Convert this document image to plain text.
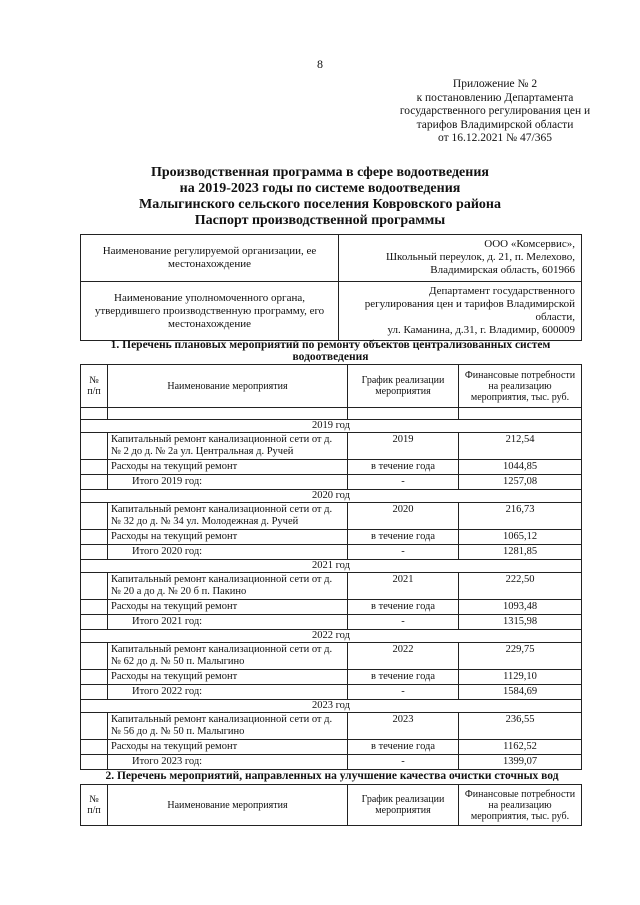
8
Приложение № 2
к постановлению Департамента
государственного регулирования цен и
тарифов Владимирской области
от 16.12.2021 № 47/365
Производственная программа в сфере водоотведения
на 2019-2023 годы по системе водоотведения
Малыгинского сельского поселения Ковровского района
Паспорт производственной программы
Наименование регулируемой организации, ее местонахождение	ООО «Комсервис»,
Школьный переулок, д. 21, п. Мелехово,
Владимирская область, 601966

Наименование уполномоченного органа, утвердившего производственную программу, его местонахождение	Департамент государственного
регулирования цен и тарифов Владимирской
области,
ул. Каманина, д.31, г. Владимир, 600009
1. Перечень плановых мероприятий по ремонту объектов централизованных систем водоотведения
№ п/п	Наименование мероприятия	График реализации мероприятия	Финансовые потребности на реализацию мероприятия, тыс. руб.

2019 год			
	Капитальный ремонт канализационной сети от д. № 2 до д. № 2а ул. Центральная д. Ручей	2019	212,54
	Расходы на текущий ремонт	в течение года	1044,85
	Итого 2019 год:	-	1257,08
2020 год			
	Капитальный ремонт канализационной сети от д. № 32 до д. № 34 ул. Молодежная д. Ручей	2020	216,73
	Расходы на текущий ремонт	в течение года	1065,12
	Итого 2020 год:	-	1281,85
2021 год			
	Капитальный ремонт канализационной сети от д. № 20 а до д. № 20 б п. Пакино	2021	222,50
	Расходы на текущий ремонт	в течение года	1093,48
	Итого 2021 год:	-	1315,98
2022 год			
	Капитальный ремонт канализационной сети от д. № 62 до д. № 50 п. Малыгино	2022	229,75
	Расходы на текущий ремонт	в течение года	1129,10
	Итого 2022 год:	-	1584,69
2023 год			
	Капитальный ремонт канализационной сети от д. № 56 до д. № 50 п. Малыгино	2023	236,55
	Расходы на текущий ремонт	в течение года	1162,52
	Итого 2023 год:	-	1399,07
2. Перечень мероприятий, направленных на улучшение качества очистки сточных вод
№ п/п	Наименование мероприятия	График реализации мероприятия	Финансовые потребности на реализацию мероприятия, тыс. руб.
